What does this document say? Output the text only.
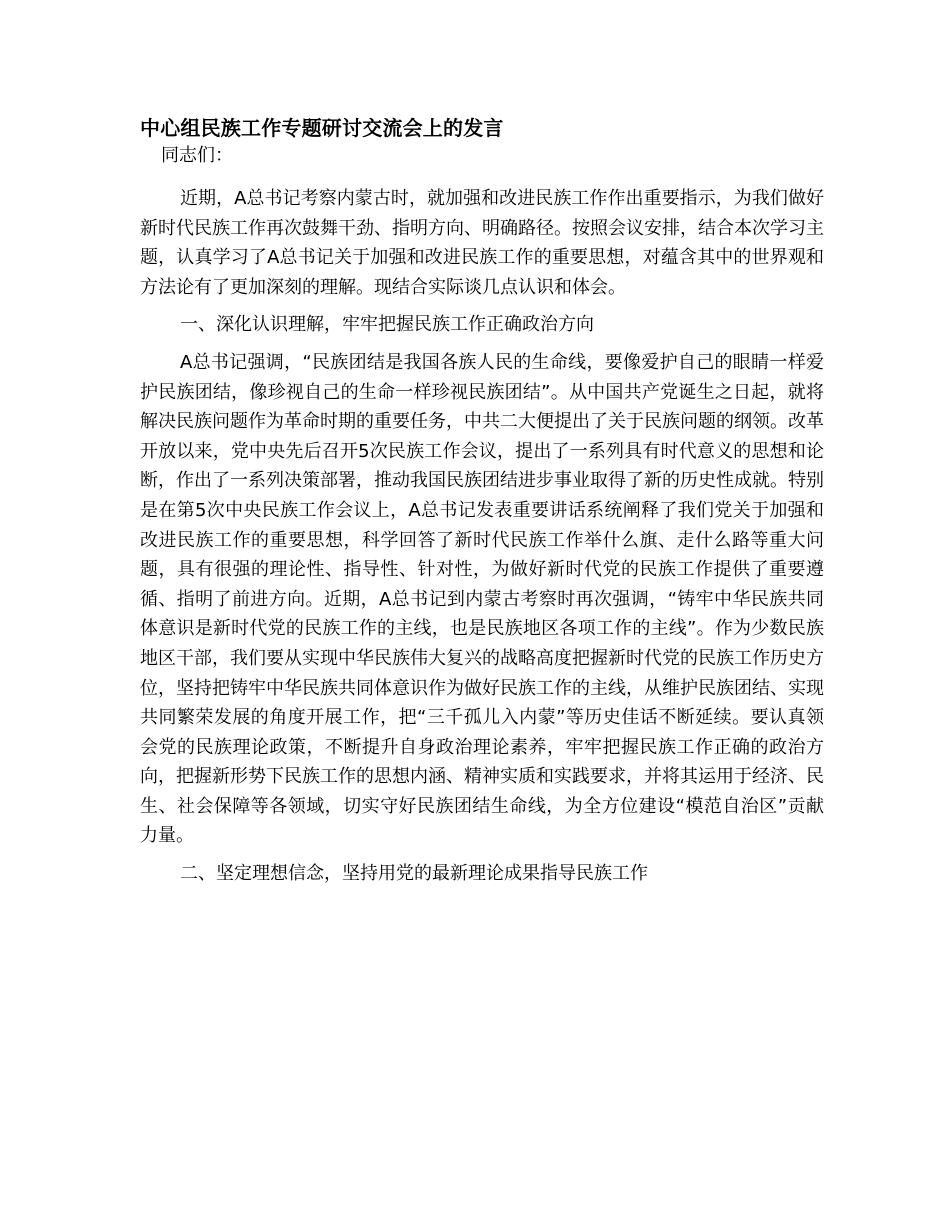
中心组民族工作专题研讨交流会上的发言

同志们：

近期，A总书记考察内蒙古时，就加强和改进民族工作作出重要指示，为我们做好新时代民族工作再次鼓舞干劲、指明方向、明确路径。按照会议安排，结合本次学习主题，认真学习了A总书记关于加强和改进民族工作的重要思想，对蕴含其中的世界观和方法论有了更加深刻的理解。现结合实际谈几点认识和体会。

一、深化认识理解，牢牢把握民族工作正确政治方向

A总书记强调，“民族团结是我国各族人民的生命线，要像爱护自己的眼睛一样爱护民族团结，像珍视自己的生命一样珍视民族团结”。从中国共产党诞生之日起，就将解决民族问题作为革命时期的重要任务，中共二大便提出了关于民族问题的纲领。改革开放以来，党中央先后召开5次民族工作会议，提出了一系列具有时代意义的思想和论断，作出了一系列决策部署，推动我国民族团结进步事业取得了新的历史性成就。特别是在第5次中央民族工作会议上，A总书记发表重要讲话系统阐释了我们党关于加强和改进民族工作的重要思想，科学回答了新时代民族工作举什么旗、走什么路等重大问题，具有很强的理论性、指导性、针对性，为做好新时代党的民族工作提供了重要遵循、指明了前进方向。近期，A总书记到内蒙古考察时再次强调，“铸牢中华民族共同体意识是新时代党的民族工作的主线，也是民族地区各项工作的主线”。作为少数民族地区干部，我们要从实现中华民族伟大复兴的战略高度把握新时代党的民族工作历史方位，坚持把铸牢中华民族共同体意识作为做好民族工作的主线，从维护民族团结、实现共同繁荣发展的角度开展工作，把“三千孤儿入内蒙”等历史佳话不断延续。要认真领会党的民族理论政策，不断提升自身政治理论素养，牢牢把握民族工作正确的政治方向，把握新形势下民族工作的思想内涵、精神实质和实践要求，并将其运用于经济、民生、社会保障等各领域，切实守好民族团结生命线，为全方位建设“模范自治区”贡献力量。

二、坚定理想信念，坚持用党的最新理论成果指导民族工作
